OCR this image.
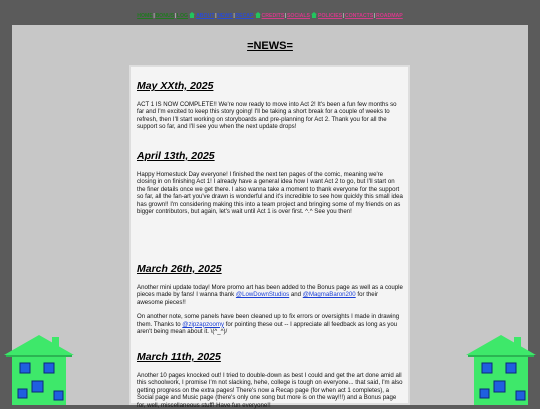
HOME|BONUS|LOG ABOUT|NEWS|RECAP CREDITS|SOCIALS POLICIES|CONTACTS|ROADMAP
=NEWS=
May XXth, 2025

ACT 1 IS NOW COMPLETE!! We're now ready to move into Act 2! It's been a fun few months so far and I'm excited to keep this story going! I'll be taking a short break for a couple of weeks to refresh, then I'll start working on storyboards and pre-planning for Act 2. Thank you for all the support so far, and I'll see you when the next update drops!

April 13th, 2025

Happy Homestuck Day everyone! I finished the next ten pages of the comic, meaning we're closing in on finishing Act 1! I already have a general idea how I want Act 2 to go, but I'll start on the finer details once we get there. I also wanna take a moment to thank everyone for the support so far, all the fan-art you've drawn is wonderful and it's incredible to see how quickly this small idea has grown!! I'm considering making this into a team project and bringing some of my friends on as bigger contributors, but again, let's wait until Act 1 is over first. ^.^ See you then!

March 26th, 2025

Another mini update today! More promo art has been added to the Bonus page as well as a couple pieces made by fans! I wanna thank @LowDownStudios and @MagmaBaron200 for their awesome pieces!!

On another note, some panels have been cleaned up to fix errors or oversights I made in drawing them. Thanks to @zipzapzoomy for pointing these out -- I appreciate all feedback as long as you aren't being mean about it. \(^_^)/

March 11th, 2025

Another 10 pages knocked out! I tried to double-down as best I could and get the art done amid all this schoolwork, I promise I'm not slacking, hehe, college is tough on everyone... that said, I'm also getting progress on the extra pages! There's now a Recap page (for when act 1 completes), a Social page and Music page (there's only one song but more is on the way!!!) and a Bonus page for, well, miscellaneous stuff! Have fun everyone!!
